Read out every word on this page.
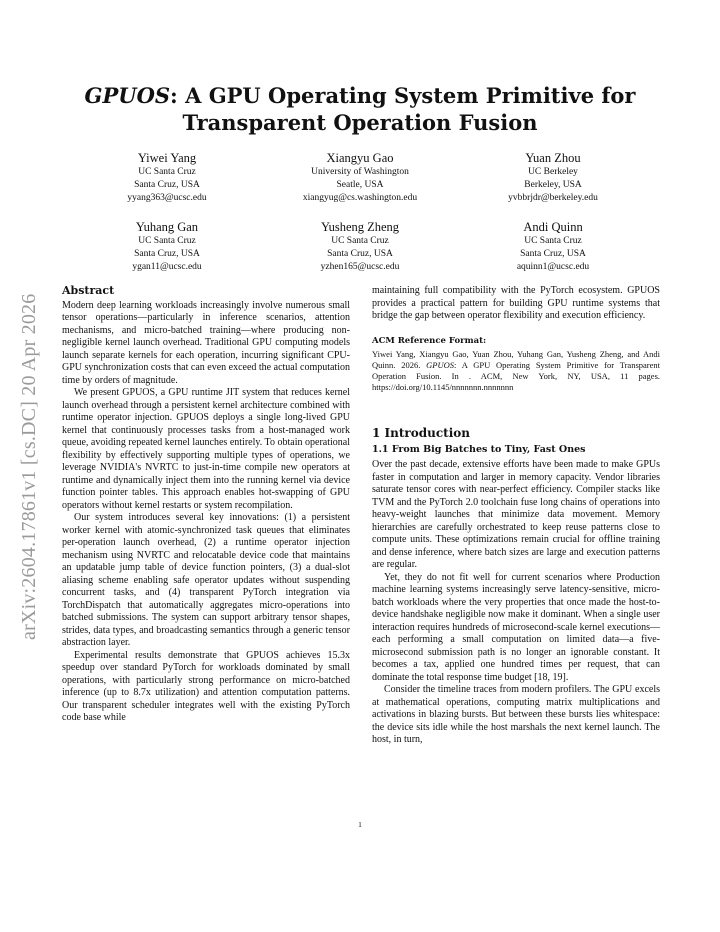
arXiv:2604.17861v1 [cs.DC] 20 Apr 2026
GPUOS: A GPU Operating System Primitive for Transparent Operation Fusion
Yiwei Yang
UC Santa Cruz
Santa Cruz, USA
yyang363@ucsc.edu
Xiangyu Gao
University of Washington
Seatle, USA
xiangyug@cs.washington.edu
Yuan Zhou
UC Berkeley
Berkeley, USA
yvbbrjdr@berkeley.edu
Yuhang Gan
UC Santa Cruz
Santa Cruz, USA
ygan11@ucsc.edu
Yusheng Zheng
UC Santa Cruz
Santa Cruz, USA
yzhen165@ucsc.edu
Andi Quinn
UC Santa Cruz
Santa Cruz, USA
aquinn1@ucsc.edu
Abstract

Modern deep learning workloads increasingly involve numerous small tensor operations—particularly in inference scenarios, attention mechanisms, and micro-batched training—where producing non-negligible kernel launch overhead. Traditional GPU computing models launch separate kernels for each operation, incurring significant CPU-GPU synchronization costs that can even exceed the actual computation time by orders of magnitude.

We present GPUOS, a GPU runtime JIT system that reduces kernel launch overhead through a persistent kernel architecture combined with runtime operator injection. GPUOS deploys a single long-lived GPU kernel that continuously processes tasks from a host-managed work queue, avoiding repeated kernel launches entirely. To obtain operational flexibility by effectively supporting multiple types of operations, we leverage NVIDIA's NVRTC to just-in-time compile new operators at runtime and dynamically inject them into the running kernel via device function pointer tables. This approach enables hot-swapping of GPU operators without kernel restarts or system recompilation.

Our system introduces several key innovations: (1) a persistent worker kernel with atomic-synchronized task queues that eliminates per-operation launch overhead, (2) a runtime operator injection mechanism using NVRTC and relocatable device code that maintains an updatable jump table of device function pointers, (3) a dual-slot aliasing scheme enabling safe operator updates without suspending concurrent tasks, and (4) transparent PyTorch integration via TorchDispatch that automatically aggregates micro-operations into batched submissions. The system can support arbitrary tensor shapes, strides, data types, and broadcasting semantics through a generic tensor abstraction layer.

Experimental results demonstrate that GPUOS achieves 15.3x speedup over standard PyTorch for workloads dominated by small operations, with particularly strong performance on micro-batched inference (up to 8.7x utilization) and attention computation patterns. Our transparent scheduler integrates well with the existing PyTorch code base while

maintaining full compatibility with the PyTorch ecosystem. GPUOS provides a practical pattern for building GPU runtime systems that bridge the gap between operator flexibility and execution efficiency.

ACM Reference Format:
Yiwei Yang, Xiangyu Gao, Yuan Zhou, Yuhang Gan, Yusheng Zheng, and Andi Quinn. 2026. GPUOS: A GPU Operating System Primitive for Transparent Operation Fusion. In . ACM, New York, NY, USA, 11 pages. https://doi.org/10.1145/nnnnnnn.nnnnnnn
1 Introduction
1.1 From Big Batches to Tiny, Fast Ones

Over the past decade, extensive efforts have been made to make GPUs faster in computation and larger in memory capacity. Vendor libraries saturate tensor cores with near-perfect efficiency. Compiler stacks like TVM and the PyTorch 2.0 toolchain fuse long chains of operations into heavy-weight launches that minimize data movement. Memory hierarchies are carefully orchestrated to keep reuse patterns close to compute units. These optimizations remain crucial for offline training and dense inference, where batch sizes are large and execution patterns are regular.

Yet, they do not fit well for current scenarios where Production machine learning systems increasingly serve latency-sensitive, micro-batch workloads where the very properties that once made the host-to-device handshake negligible now make it dominant. When a single user interaction requires hundreds of microsecond-scale kernel executions—each performing a small computation on limited data—a five-microsecond submission path is no longer an ignorable constant. It becomes a tax, applied one hundred times per request, that can dominate the total response time budget [18, 19].

Consider the timeline traces from modern profilers. The GPU excels at mathematical operations, computing matrix multiplications and activations in blazing bursts. But between these bursts lies whitespace: the device sits idle while the host marshals the next kernel launch. The host, in turn,

1
